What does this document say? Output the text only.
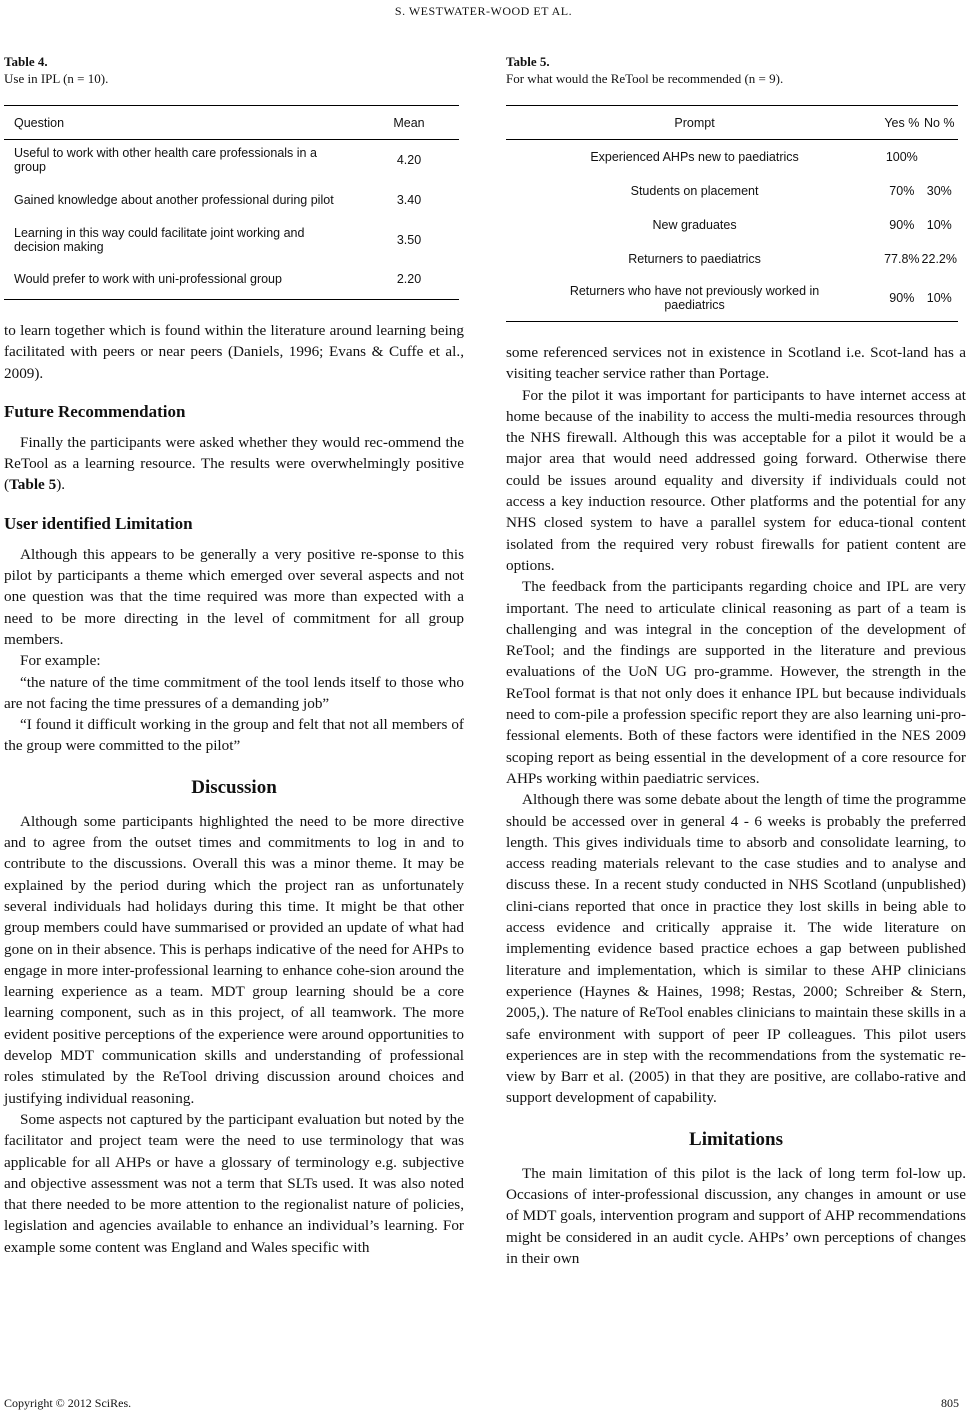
S. WESTWATER-WOOD ET AL.
Table 4.
Use in IPL (n = 10).
Question	Mean
Useful to work with other health care professionals in a group	4.20
Gained knowledge about another professional during pilot	3.40
Learning in this way could facilitate joint working and decision making	3.50
Would prefer to work with uni-professional group	2.20

to learn together which is found within the literature around learning being facilitated with peers or near peers (Daniels, 1996; Evans & Cuffe et al., 2009).

Future Recommendation

Finally the participants were asked whether they would rec-ommend the ReTool as a learning resource. The results were overwhelmingly positive (Table 5).

User identified Limitation

Although this appears to be generally a very positive re-sponse to this pilot by participants a theme which emerged over several aspects and not one question was that the time required was more than expected with a need to be more directing in the level of commitment for all group members.

For example:

“the nature of the time commitment of the tool lends itself to those who are not facing the time pressures of a demanding job”

“I found it difficult working in the group and felt that not all members of the group were committed to the pilot”

Discussion

Although some participants highlighted the need to be more directive and to agree from the outset times and commitments to log in and to contribute to the discussions. Overall this was a minor theme. It may be explained by the period during which the project ran as unfortunately several individuals had holidays during this time. It might be that other group members could have summarised or provided an update of what had gone on in their absence. This is perhaps indicative of the need for AHPs to engage in more inter-professional learning to enhance cohe-sion around the learning experience as a team. MDT group learning should be a core learning component, such as in this project, of all teamwork. The more evident positive perceptions of the experience were around opportunities to develop MDT communication skills and understanding of professional roles stimulated by the ReTool driving discussion around choices and justifying individual reasoning.

Some aspects not captured by the participant evaluation but noted by the facilitator and project team were the need to use terminology that was applicable for all AHPs or have a glossary of terminology e.g. subjective and objective assessment was not a term that SLTs used. It was also noted that there needed to be more attention to the regionalist nature of policies, legislation and agencies available to enhance an individual’s learning. For example some content was England and Wales specific with

Table 5.
For what would the ReTool be recommended (n = 9).
Prompt	Yes %	No %
Experienced AHPs new to paediatrics	100%	
Students on placement	70%	30%
New graduates	90%	10%
Returners to paediatrics	77.8%	22.2%
Returners who have not previously worked in paediatrics	90%	10%

some referenced services not in existence in Scotland i.e. Scot-land has a visiting teacher service rather than Portage.

For the pilot it was important for participants to have internet access at home because of the inability to access the multi-media resources through the NHS firewall. Although this was acceptable for a pilot it would be a major area that would need addressed going forward. Otherwise there could be issues around equality and diversity if individuals could not access a key induction resource. Other platforms and the potential for any NHS closed system to have a parallel system for educa-tional content isolated from the required very robust firewalls for patient content are options.

The feedback from the participants regarding choice and IPL are very important. The need to articulate clinical reasoning as part of a team is challenging and was integral in the conception of the development of ReTool; and the findings are supported in the literature and previous evaluations of the UoN UG pro-gramme. However, the strength in the ReTool format is that not only does it enhance IPL but because individuals need to com-pile a profession specific report they are also learning uni-pro-fessional elements. Both of these factors were identified in the NES 2009 scoping report as being essential in the development of a core resource for AHPs working within paediatric services.

Although there was some debate about the length of time the programme should be accessed over in general 4 - 6 weeks is probably the preferred length. This gives individuals time to absorb and consolidate learning, to access reading materials relevant to the case studies and to analyse and discuss these. In a recent study conducted in NHS Scotland (unpublished) clini-cians reported that once in practice they lost skills in being able to access evidence and critically appraise it. The wide literature on implementing evidence based practice echoes a gap between published literature and implementation, which is similar to these AHP clinicians experience (Haynes & Haines, 1998; Restas, 2000; Schreiber & Stern, 2005,). The nature of ReTool enables clinicians to maintain these skills in a safe environment with support of peer IP colleagues. This pilot users experiences are in step with the recommendations from the systematic re-view by Barr et al. (2005) in that they are positive, are collabo-rative and support development of capability.

Limitations

The main limitation of this pilot is the lack of long term fol-low up. Occasions of inter-professional discussion, any changes in amount or use of MDT goals, intervention program and support of AHP recommendations might be considered in an audit cycle. AHPs’ own perceptions of changes in their own

Copyright © 2012 SciRes.	805
